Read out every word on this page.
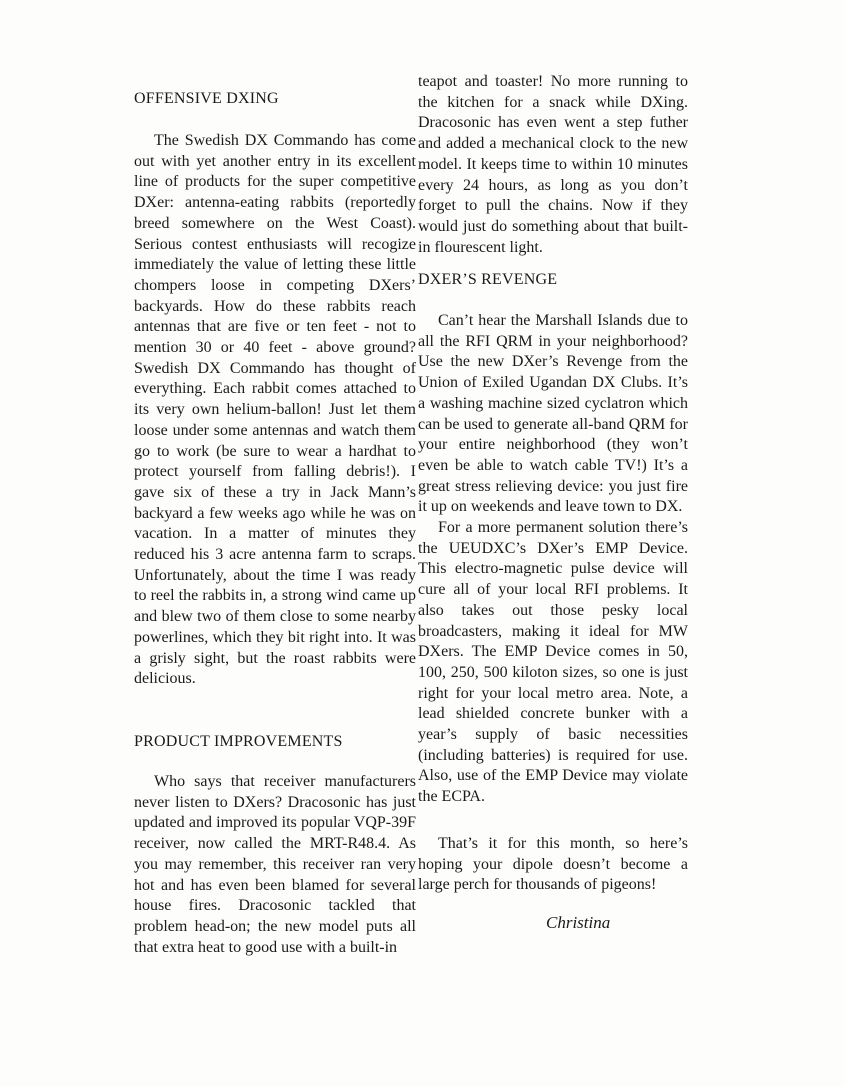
OFFENSIVE DXING

The Swedish DX Commando has come out with yet another entry in its excellent line of products for the super competitive DXer: antenna-eating rabbits (reportedly breed somewhere on the West Coast). Serious contest enthusiasts will recogize immediately the value of letting these little chompers loose in competing DXers’ backyards. How do these rabbits reach antennas that are five or ten feet - not to mention 30 or 40 feet - above ground? Swedish DX Commando has thought of everything. Each rabbit comes attached to its very own helium-ballon! Just let them loose under some antennas and watch them go to work (be sure to wear a hardhat to protect yourself from falling debris!). I gave six of these a try in Jack Mann’s backyard a few weeks ago while he was on vacation. In a matter of minutes they reduced his 3 acre antenna farm to scraps. Unfortunately, about the time I was ready to reel the rabbits in, a strong wind came up and blew two of them close to some nearby powerlines, which they bit right into. It was a grisly sight, but the roast rabbits were delicious.

PRODUCT IMPROVEMENTS

Who says that receiver manufacturers never listen to DXers? Dracosonic has just updated and improved its popular VQP-39F receiver, now called the MRT-R48.4. As you may remember, this receiver ran very hot and has even been blamed for several house fires. Dracosonic tackled that problem head-on; the new model puts all that extra heat to good use with a built-in

teapot and toaster! No more running to the kitchen for a snack while DXing. Dracosonic has even went a step futher and added a mechanical clock to the new model. It keeps time to within 10 minutes every 24 hours, as long as you don’t forget to pull the chains. Now if they would just do something about that built-in flourescent light.

DXER’S REVENGE

Can’t hear the Marshall Islands due to all the RFI QRM in your neighborhood? Use the new DXer’s Revenge from the Union of Exiled Ugandan DX Clubs. It’s a washing machine sized cyclatron which can be used to generate all-band QRM for your entire neighborhood (they won’t even be able to watch cable TV!) It’s a great stress relieving device: you just fire it up on weekends and leave town to DX.

For a more permanent solution there’s the UEUDXC’s DXer’s EMP Device. This electro-magnetic pulse device will cure all of your local RFI problems. It also takes out those pesky local broadcasters, making it ideal for MW DXers. The EMP Device comes in 50, 100, 250, 500 kiloton sizes, so one is just right for your local metro area. Note, a lead shielded concrete bunker with a year’s supply of basic necessities (including batteries) is required for use. Also, use of the EMP Device may violate the ECPA.

That’s it for this month, so here’s hoping your dipole doesn’t become a large perch for thousands of pigeons!

Christina
